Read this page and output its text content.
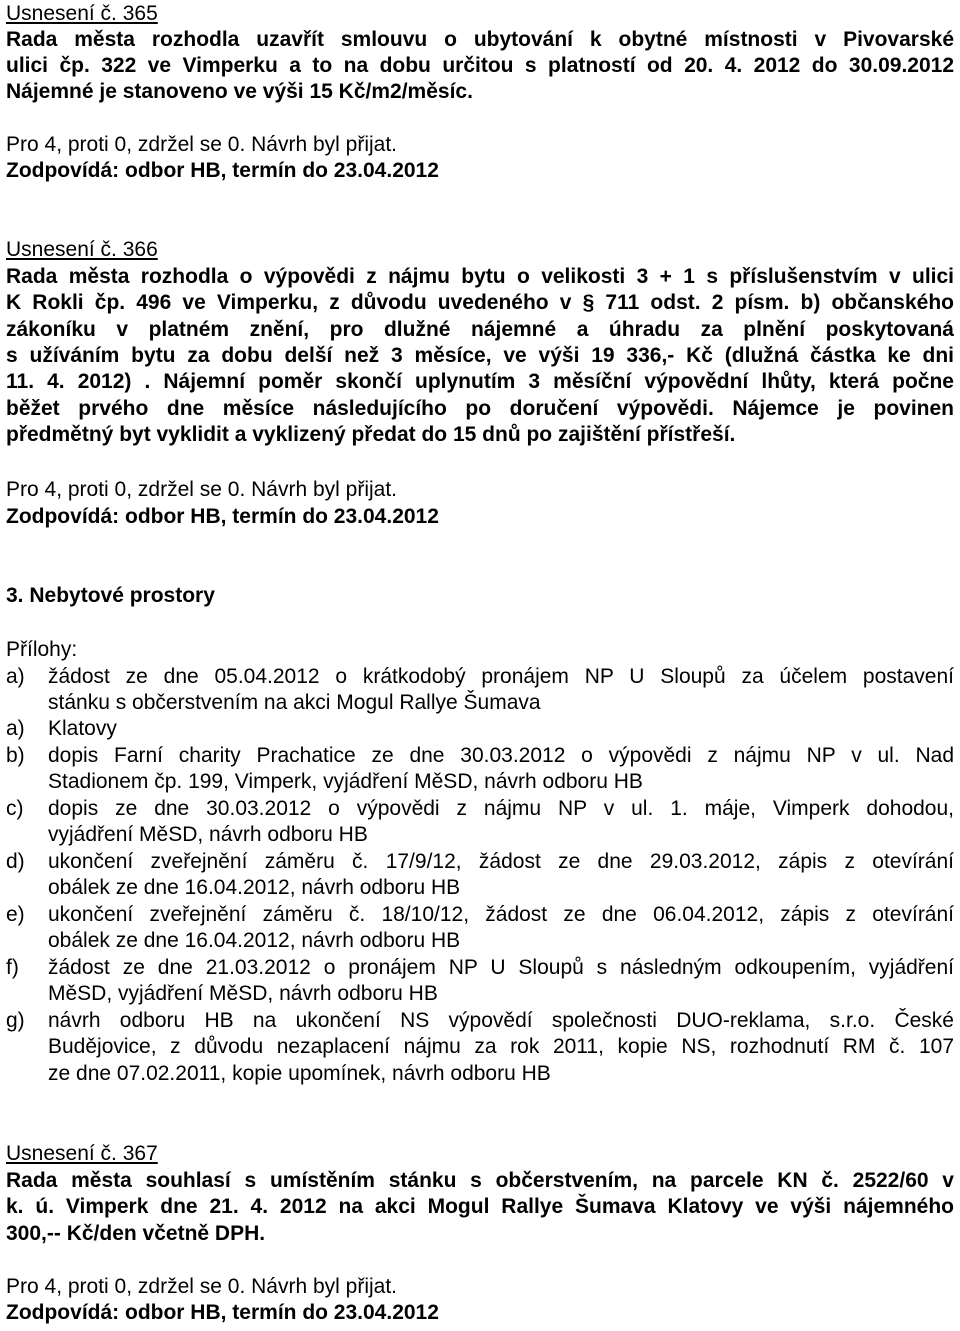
Usnesení č. 365
Rada města rozhodla uzavřít smlouvu o ubytování k obytné místnosti v Pivovarské
ulici čp. 322 ve Vimperku a to na dobu určitou s platností od 20. 4. 2012 do 30.09.2012
Nájemné je stanoveno ve výši 15 Kč/m2/měsíc.
Pro 4, proti 0, zdržel se 0. Návrh byl přijat.
Zodpovídá: odbor HB, termín do 23.04.2012
Usnesení č. 366
Rada města rozhodla o výpovědi z nájmu bytu o velikosti 3 + 1 s příslušenstvím v ulici
K Rokli čp. 496 ve Vimperku, z důvodu uvedeného v § 711 odst. 2 písm. b) občanského
zákoníku v platném znění, pro dlužné nájemné a úhradu za plnění poskytovaná
s užíváním bytu za dobu delší než 3 měsíce, ve výši 19 336,- Kč (dlužná částka ke dni
11. 4. 2012) . Nájemní poměr skončí uplynutím 3 měsíční výpovědní lhůty, která počne
běžet prvého dne měsíce následujícího po doručení výpovědi. Nájemce je povinen
předmětný byt vyklidit a vyklizený předat do 15 dnů po zajištění přístřeší.
Pro 4, proti 0, zdržel se 0. Návrh byl přijat.
Zodpovídá: odbor HB, termín do 23.04.2012
3. Nebytové prostory
Přílohy:
a)	žádost ze dne 05.04.2012 o krátkodobý pronájem NP U Sloupů za účelem postavení
stánku s občerstvením na akci Mogul Rallye Šumava
a)	Klatovy
b)	dopis Farní charity Prachatice ze dne 30.03.2012 o výpovědi z nájmu NP v ul. Nad
Stadionem čp. 199, Vimperk, vyjádření MěSD, návrh odboru HB
c)	dopis ze dne 30.03.2012 o výpovědi z nájmu NP v ul. 1. máje, Vimperk dohodou,
vyjádření MěSD, návrh odboru HB
d)	ukončení zveřejnění záměru č. 17/9/12, žádost ze dne 29.03.2012, zápis z otevírání
obálek ze dne 16.04.2012, návrh odboru HB
e)	ukončení zveřejnění záměru č. 18/10/12, žádost ze dne 06.04.2012, zápis z otevírání
obálek ze dne 16.04.2012, návrh odboru HB
f)	žádost ze dne 21.03.2012 o pronájem NP U Sloupů s následným odkoupením, vyjádření
MěSD, vyjádření MěSD, návrh odboru HB
g)	návrh odboru HB na ukončení NS výpovědí společnosti DUO-reklama, s.r.o. České
Budějovice, z důvodu nezaplacení nájmu za rok 2011, kopie NS, rozhodnutí RM č. 107
ze dne 07.02.2011, kopie upomínek, návrh odboru HB
Usnesení č. 367
Rada města souhlasí s umístěním stánku s občerstvením, na parcele KN č. 2522/60 v
k. ú. Vimperk dne 21. 4. 2012 na akci Mogul Rallye Šumava Klatovy ve výši nájemného
300,-- Kč/den včetně DPH.
Pro 4, proti 0, zdržel se 0. Návrh byl přijat.
Zodpovídá: odbor HB, termín do 23.04.2012
